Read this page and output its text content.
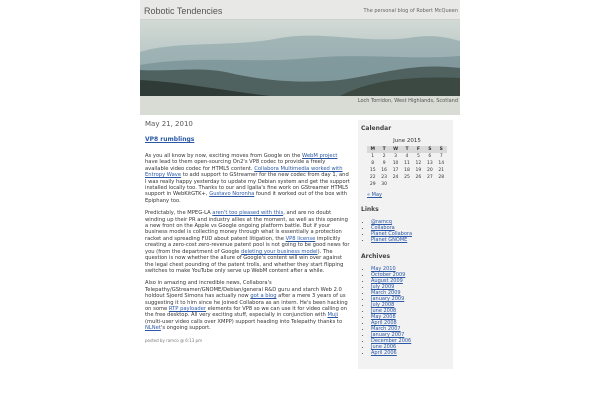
Robotic Tendencies	The personal blog of Robert McQueen
Loch Torridon, West Highlands, Scotland
May 21, 2010
VP8 rumblings

As you all know by now, exciting moves from Google on the WebM project have lead to them open-sourcing On2's VP8 codec to provide a freely available video codec for HTML5 content. Collabora Multimedia worked with Entropy Wave to add support to GStreamer for the new codec from day 1, and I was really happy yesterday to update my Debian system and get the support installed locally too. Thanks to our and Igalia's fine work on GStreamer HTML5 support in WebKitGTK+, Gustavo Noronha found it worked out of the box with Epiphany too.

Predictably, the MPEG-LA aren't too pleased with this, and are no doubt winding up their PR and industry allies at the moment, as well as this opening a new front on the Apple vs Google ongoing platform battle. But if your business model is collecting money through what is essentially a protection racket and spreading FUD about patent litigation, the VP8 license implicitly creating a zero-cost zero-revenue patent pool is not going to be good news for you (from the department of Google deleting your business model). The question is now whether the allure of Google's content will win over against the legal chest pounding of the patent trolls, and whether they start flipping switches to make YouTube only serve up WebM content after a while.

Also in amazing and incredible news, Collabora's Telepathy/GStreamer/GNOME/Debian/general R&D guru and starch Web 2.0 holdout Sjoerd Simons has actually now got a blog after a mere 3 years of us suggesting it to him since he joined Collabora as an intern. He's been hacking on some RTP payloader elements for VP8 so we can use it for video calling on the free desktop. All very exciting stuff, especially in conjunction with Muji (multi-user video calls over XMPP) support heading into Telepathy thanks to NLNet's ongoing support.

posted by ramco @ 6:13 pm
Calendar
June 2015
M	T	W	T	F	S	S
1	2	3	4	5	6	7
8	9	10	11	12	13	14
15	16	17	18	19	20	21
22	23	24	25	26	27	28
29	30					
« May
Links
• @ramcq
• Collabora
• Planet Collabora
• Planet GNOME
Archives
• May 2010
• October 2009
• August 2009
• July 2009
• March 2009
• January 2009
• July 2008
• June 2008
• May 2008
• April 2008
• March 2007
• January 2007
• December 2006
• June 2006
• April 2006
